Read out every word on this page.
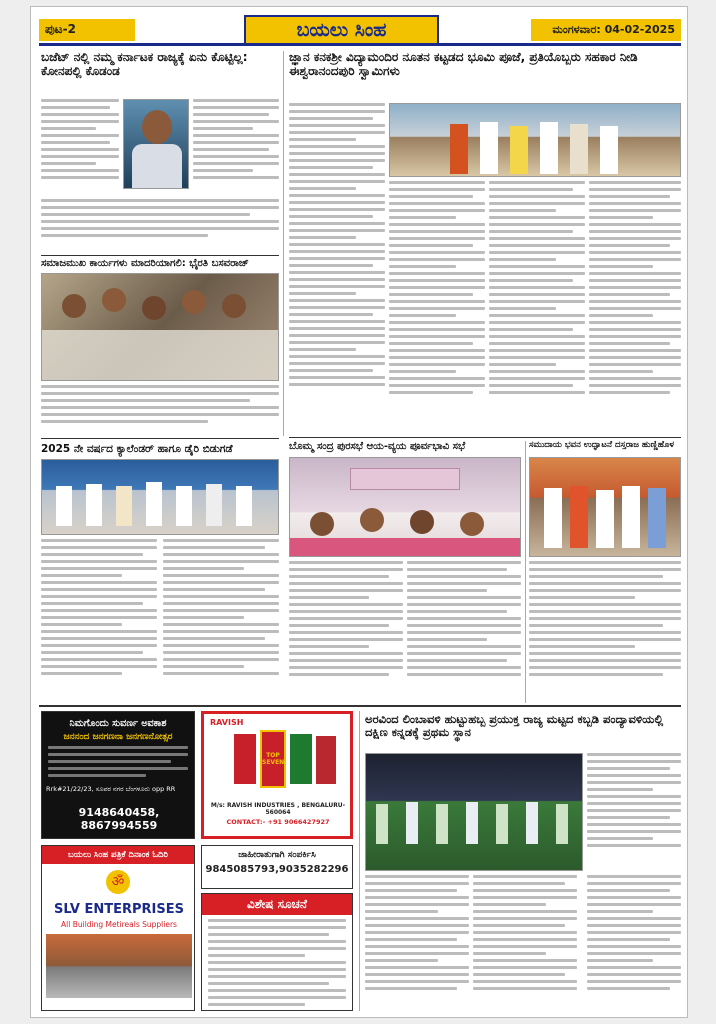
ಪುಟ-2	ಬಯಲು ಸಿಂಹ	ಮಂಗಳವಾರ: 04-02-2025
ಬಜೆಟ್ ನಲ್ಲಿ ನಮ್ಮ ಕರ್ನಾಟಕ ರಾಜ್ಯಕ್ಕೆ ಏನು ಕೊಟ್ಟಿಲ್ಲ: ಕೋನಪಲ್ಲಿ ಕೊಡಂಡ
ಸಮಾಜಮುಖ ಕಾರ್ಯಗಳು ಮಾದರಿಯಾಗಲಿ: ಭೈರತಿ ಬಸವರಾಜ್
2025 ನೇ ವರ್ಷದ ಕ್ಯಾಲೆಂಡರ್ ಹಾಗೂ ಡೈರಿ ಬಿಡುಗಡೆ
ಜ್ಞಾನ ಕನಕಶ್ರೀ ವಿದ್ಯಾಮಂದಿರ ನೂತನ ಕಟ್ಟಡದ ಭೂಮಿ ಪೂಜೆ, ಪ್ರತಿಯೊಬ್ಬರು ಸಹಕಾರ ನೀಡಿ ಈಶ್ವರಾನಂದಪುರಿ ಸ್ವಾಮಿಗಳು
ಬೊಮ್ಮ ಸಂದ್ರ ಪುರಸಭೆ ಆಯ-ವ್ಯಯ ಪೂರ್ವಭಾವಿ ಸಭೆ	ಸಮುದಾಯ ಭವನ ಉದ್ಘಾಟನೆ ದಸ್ತರಾಜ ಹುಣ್ಣಿಹೊಳ
ನಿಮಗೊಂದು ಸುವರ್ಣ ಅವಕಾಶ
ಜನನಂದ ಜನಗಣನಾ ಜನಗಣನೋತ್ಸರ
Rrk#21/22/23, ಸೂಪರ ನಗರ ಬೆಂಗಳೂರು opp RR
9148640458, 8867994559
RAVISH
TOP SEVEN
M/s: RAVISH INDUSTRIES , BENGALURU-560064
CONTACT:- +91 9066427927
ಬಯಲು ಸಿಂಹ ಪತ್ರಿಕೆ ದಿನಾಂಕ ಓದಿರಿ
ॐ
SLV ENTERPRISES
All Building Metireals Suppliers
ಜಾಹೀರಾತುಗಾಗಿ ಸಂಪರ್ಕಿಸಿ
9845085793,9035282296
ವಿಶೇಷ ಸೂಚನೆ
ಅರವಿಂದ ಲಿಂಬಾವಳಿ ಹುಟ್ಟುಹಬ್ಬ ಪ್ರಯುಕ್ತ ರಾಜ್ಯ ಮಟ್ಟದ ಕಬ್ಬಡಿ ಪಂದ್ಯಾವಳಿಯಲ್ಲಿ ದಕ್ಷಿಣ ಕನ್ನಡಕ್ಕೆ ಪ್ರಥಮ ಸ್ಥಾನ
